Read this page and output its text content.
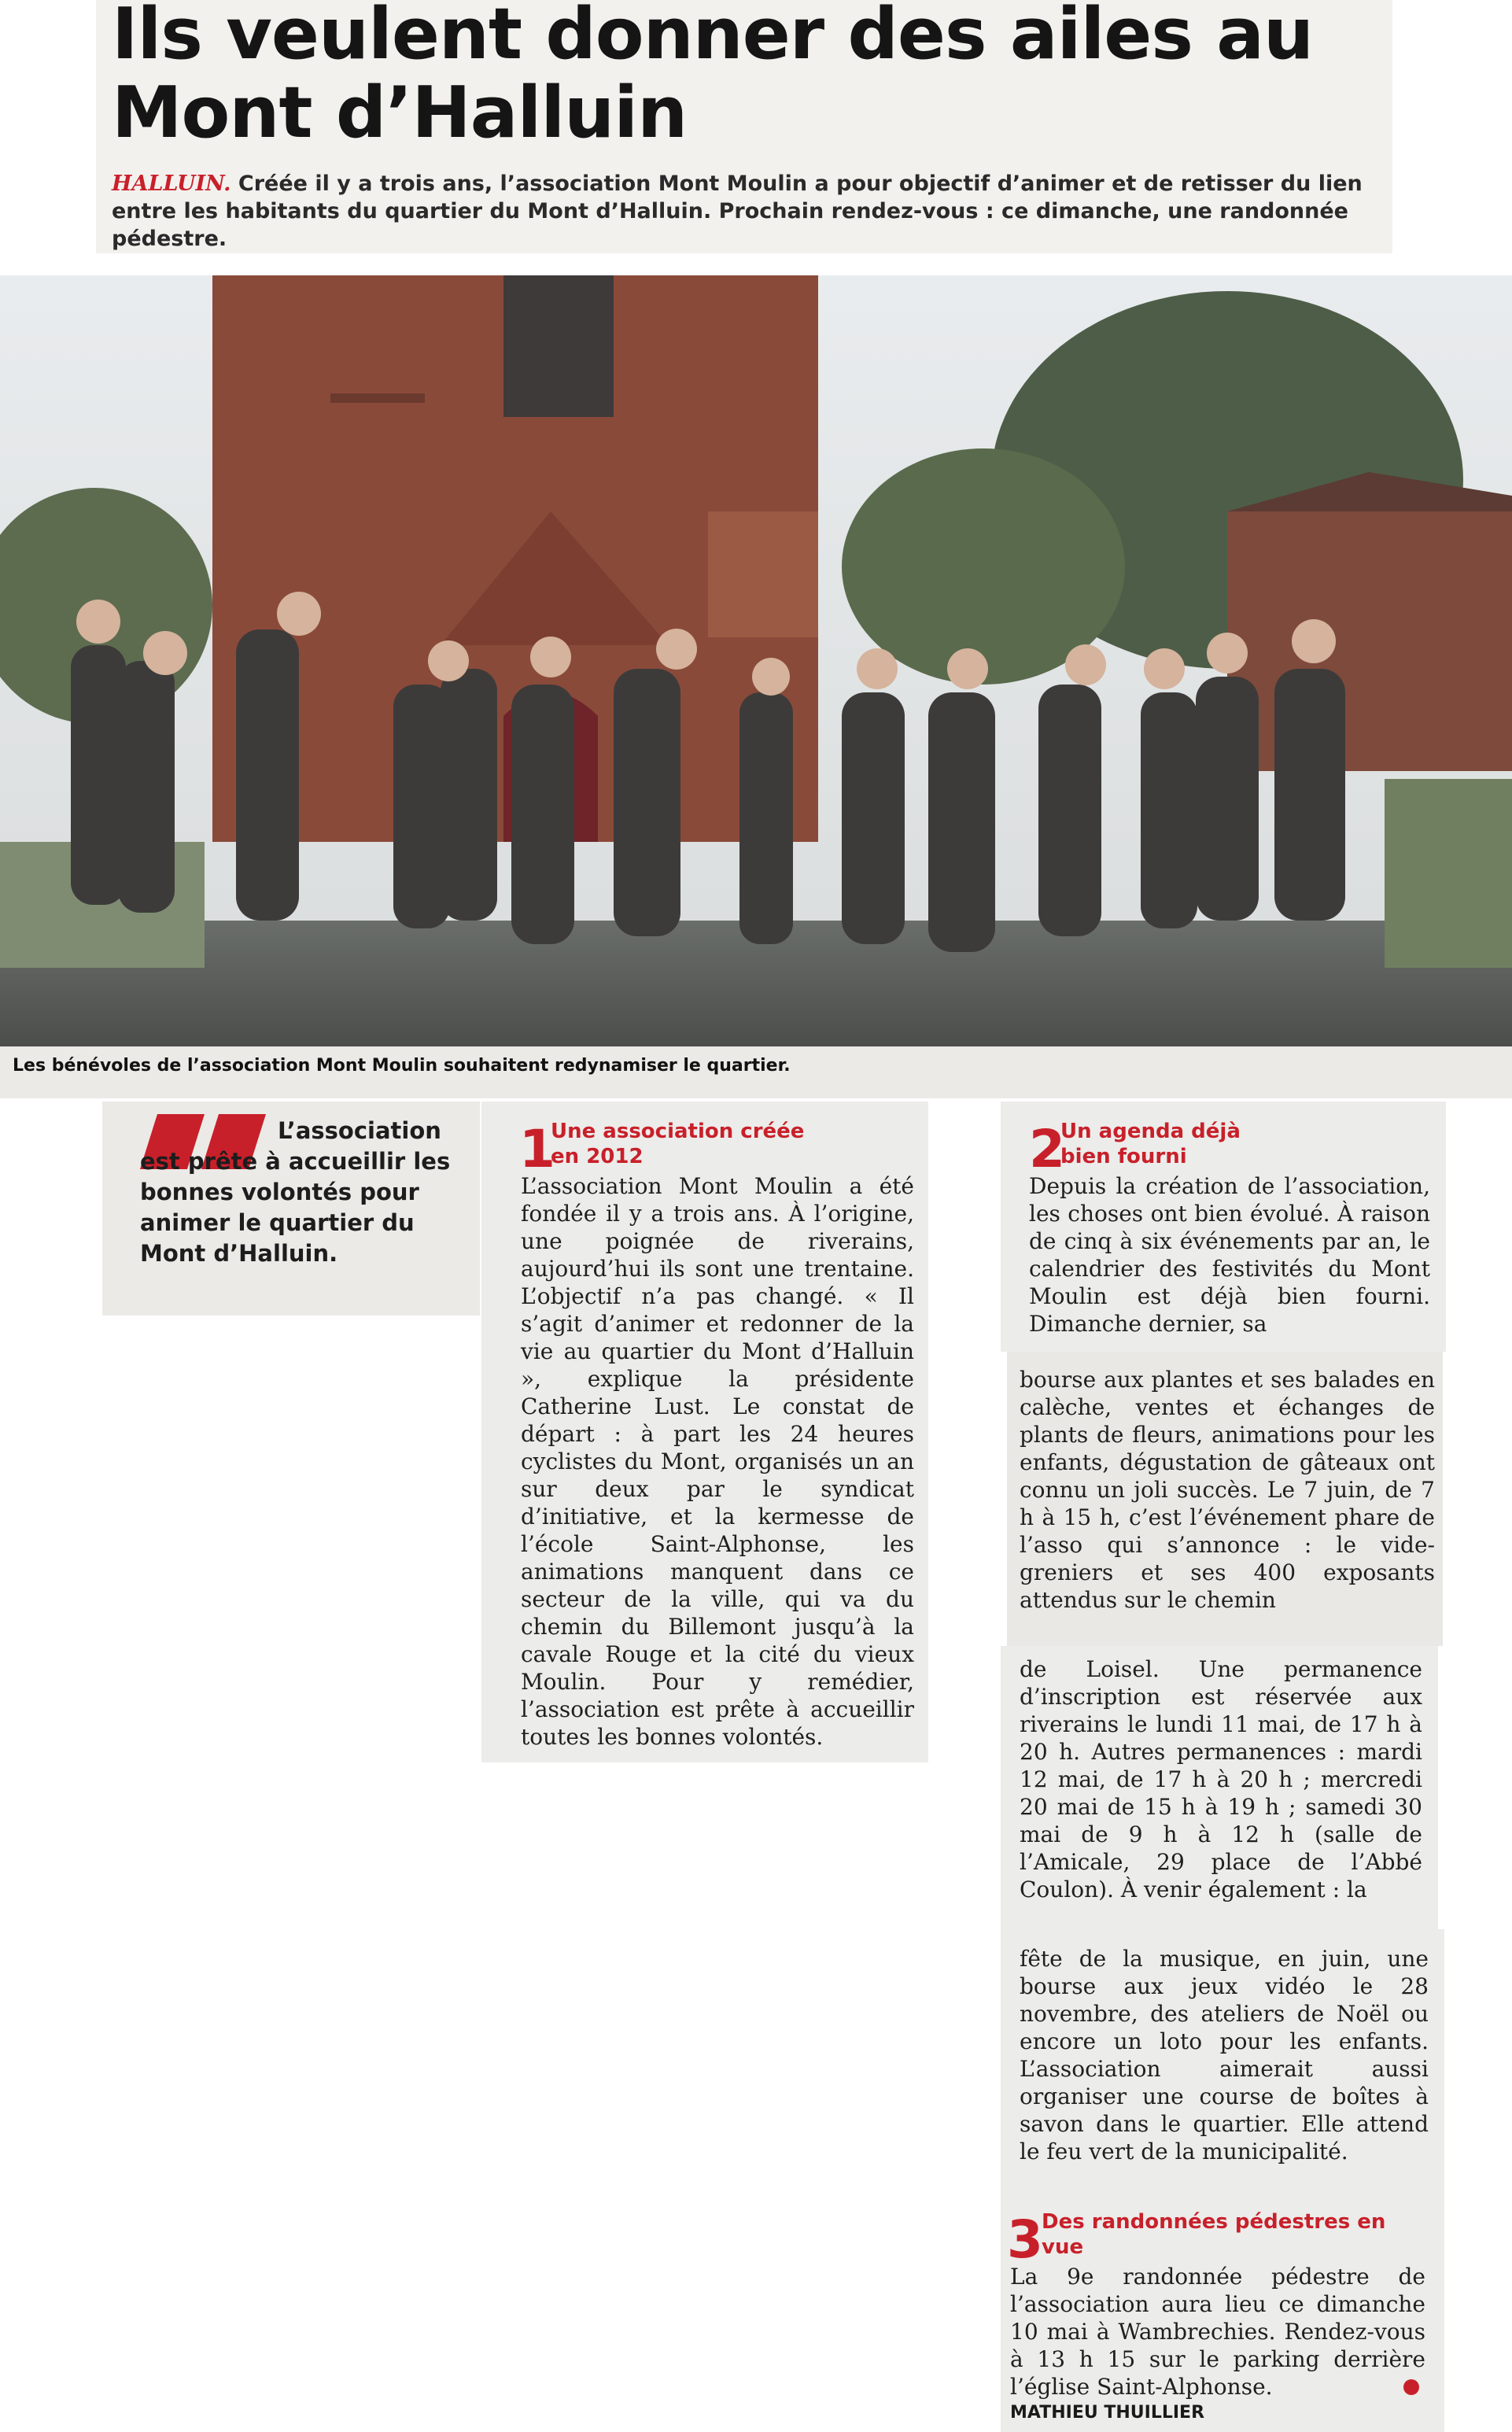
Ils veulent donner des ailes au Mont d’Halluin

HALLUIN. Créée il y a trois ans, l’association Mont Moulin a pour objectif d’animer et de retisser du lien entre les habitants du quartier du Mont d’Halluin. Prochain rendez-vous : ce dimanche, une randonnée pédestre.

Les bénévoles de l’association Mont Moulin souhaitent redynamiser le quartier.

L’association est prête à accueillir les bonnes volontés pour animer le quartier du Mont d’Halluin.

1

Une association créée en 2012

L’association Mont Moulin a été fondée il y a trois ans. À l’origine, une poignée de riverains, aujourd’hui ils sont une trentaine. L’objectif n’a pas changé. « Il s’agit d’animer et redonner de la vie au quartier du Mont d’Halluin », explique la présidente Catherine Lust. Le constat de départ : à part les 24 heures cyclistes du Mont, organisés un an sur deux par le syndicat d’initiative, et la kermesse de l’école Saint-Alphonse, les animations manquent dans ce secteur de la ville, qui va du chemin du Billemont jusqu’à la cavale Rouge et la cité du vieux Moulin. Pour y remédier, l’association est prête à accueillir toutes les bonnes volontés.

2

Un agenda déjà bien fourni

Depuis la création de l’association, les choses ont bien évolué. À raison de cinq à six événements par an, le calendrier des festivités du Mont Moulin est déjà bien fourni. Dimanche dernier, sa

bourse aux plantes et ses balades en calèche, ventes et échanges de plants de fleurs, animations pour les enfants, dégustation de gâteaux ont connu un joli succès. Le 7 juin, de 7 h à 15 h, c’est l’événement phare de l’asso qui s’annonce : le vide-greniers et ses 400 exposants attendus sur le chemin

de Loisel. Une permanence d’inscription est réservée aux riverains le lundi 11 mai, de 17 h à 20 h. Autres permanences : mardi 12 mai, de 17 h à 20 h ; mercredi 20 mai de 15 h à 19 h ; samedi 30 mai de 9 h à 12 h (salle de l’Amicale, 29 place de l’Abbé Coulon). À venir également : la

fête de la musique, en juin, une bourse aux jeux vidéo le 28 novembre, des ateliers de Noël ou encore un loto pour les enfants. L’association aimerait aussi organiser une course de boîtes à savon dans le quartier. Elle attend le feu vert de la municipalité.

3

Des randonnées pédestres en vue

La 9e randonnée pédestre de l’association aura lieu ce dimanche 10 mai à Wambrechies. Rendez-vous à 13 h 15 sur le parking derrière l’église Saint-Alphonse.

MATHIEU THUILLIER
